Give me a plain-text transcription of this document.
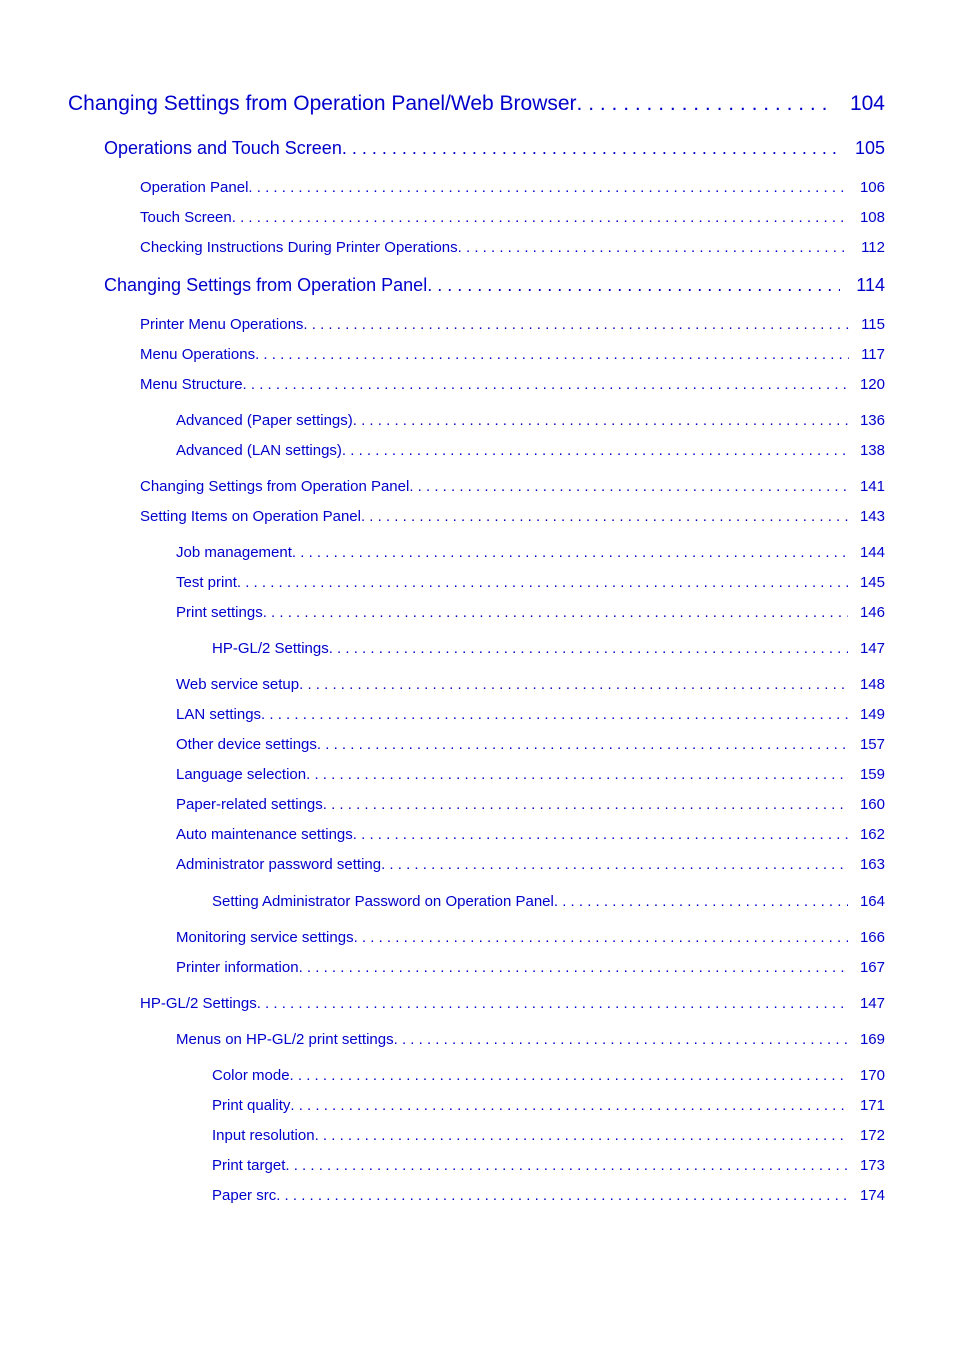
Changing Settings from Operation Panel/Web Browser . . .	104
Operations and Touch Screen . . .	105
Operation Panel . . .	106
Touch Screen . . .	108
Checking Instructions During Printer Operations . . .	112
Changing Settings from Operation Panel . . .	114
Printer Menu Operations . . .	115
Menu Operations . . .	117
Menu Structure . . .	120
Advanced (Paper settings) . . .	136
Advanced (LAN settings) . . .	138
Changing Settings from Operation Panel . . .	141
Setting Items on Operation Panel . . .	143
Job management . . .	144
Test print . . .	145
Print settings . . .	146
HP-GL/2 Settings . . .	147
Web service setup . . .	148
LAN settings . . .	149
Other device settings . . .	157
Language selection . . .	159
Paper-related settings . . .	160
Auto maintenance settings . . .	162
Administrator password setting . . .	163
Setting Administrator Password on Operation Panel . . .	164
Monitoring service settings . . .	166
Printer information . . .	167
HP-GL/2 Settings . . .	147
Menus on HP-GL/2 print settings . . .	169
Color mode . . .	170
Print quality . . .	171
Input resolution . . .	172
Print target . . .	173
Paper src . . .	174
